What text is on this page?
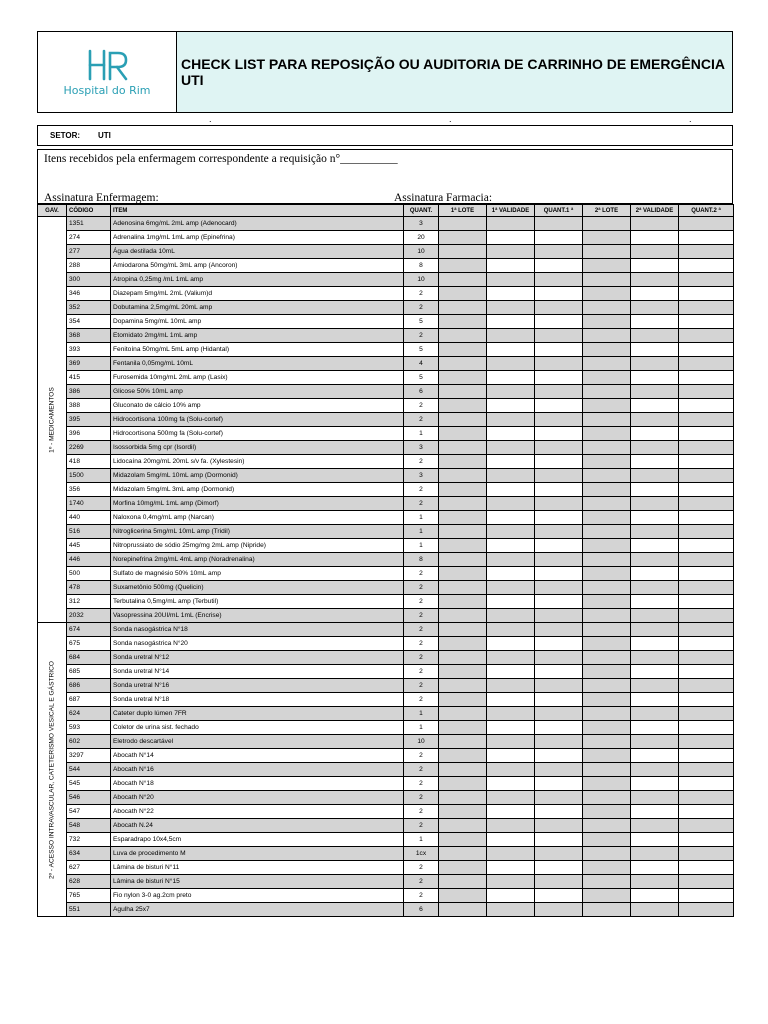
Hospital do Rim
CHECK LIST PARA REPOSIÇÃO OU AUDITORIA DE CARRINHO DE EMERGÊNCIA UTI
.	.	.
SETOR:	UTI
Itens recebidos pela enfermagem correspondente a requisição n°__________
Assinatura Enfermagem:	Assinatura Farmacia:
GAV.	CÓDIGO	ITEM	QUANT.	1ª LOTE	1ª VALIDADE	QUANT.1 ª	2ª LOTE	2ª VALIDADE	QUANT.2 ª

1º - MEDICAMENTOS	1351	Adenosina 6mg/mL 2mL amp (Adenocard)	3						
	274	Adrenalina 1mg/mL 1mL amp (Epinefrina)	20						
	277	Água destilada 10mL	10						
	288	Amiodarona 50mg/mL 3mL amp (Ancoron)	8						
	300	Atropina 0,25mg /mL 1mL amp	10						
	346	Diazepam 5mg/mL 2mL (Valium)d	2						
	352	Dobutamina 2,5mg/mL 20mL amp	2						
	354	Dopamina 5mg/mL 10mL amp	5						
	368	Etomidato 2mg/mL 1mL amp	2						
	393	Fenitoína 50mg/mL 5mL amp (Hidantal)	5						
	369	Fentanila 0,05mg/mL 10mL	4						
	415	Furosemida 10mg/mL 2mL amp (Lasix)	5						
	386	Glicose 50% 10mL amp	6						
	388	Gluconato de cálcio 10% amp	2						
	395	Hidrocortisona 100mg fa (Solu-cortef)	2						
	396	Hidrocortisona 500mg fa (Solu-cortef)	1						
	2269	Isossorbida 5mg cpr (Isordil)	3						
	418	Lidocaína 20mg/mL 20mL s/v fa. (Xylestesin)	2						
	1500	Midazolam 5mg/mL 10mL amp (Dormonid)	3						
	356	Midazolam 5mg/mL 3mL amp (Dormonid)	2						
	1740	Morfina 10mg/mL 1mL amp (Dimorf)	2						
	440	Naloxona 0,4mg/mL amp (Narcan)	1						
	516	Nitroglicerina 5mg/mL 10mL amp (Tridil)	1						
	445	Nitroprussiato de sódio 25mg/mg 2mL amp (Nipride)	1						
	446	Norepinefrina 2mg/mL 4mL amp (Noradrenalina)	8						
	500	Sulfato de magnésio 50% 10mL amp	2						
	478	Suxametônio 500mg (Quelicin)	2						
	312	Terbutalina 0,5mg/mL amp (Terbutil)	2						
	2032	Vasopressina 20UI/mL 1mL (Encrise)	2						

2º - ACESSO INTRAVASCULAR, CATETERISMO VESICAL E GÁSTRICO	674	Sonda nasogástrica N°18	2						
	675	Sonda nasogástrica N°20	2						
	684	Sonda uretral N°12	2						
	685	Sonda uretral N°14	2						
	686	Sonda uretral N°16	2						
	687	Sonda uretral N°18	2						
	624	Cateter duplo lúmen 7FR	1						
	593	Coletor de urina sist. fechado	1						
	602	Eletrodo descartável	10						
	3297	Abocath N°14	2						
	544	Abocath N°16	2						
	545	Abocath N°18	2						
	546	Abocath N°20	2						
	547	Abocath N°22	2						
	548	Abocath N.24	2						
	732	Esparadrapo 10x4,5cm	1						
	634	Luva de procedimento M	1cx						
	627	Lâmina de bisturi N°11	2						
	628	Lâmina de bisturi N°15	2						
	765	Fio nylon 3-0 ag.2cm preto	2						
	551	Agulha 25x7	6						
